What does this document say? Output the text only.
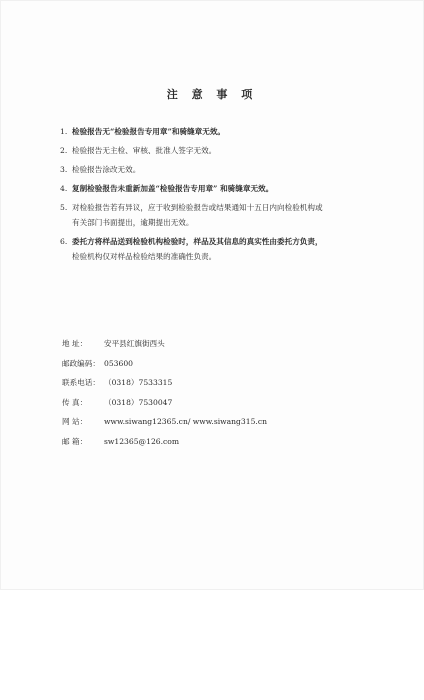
注 意 事 项
1. 检验报告无“检验报告专用章”和骑缝章无效。
2. 检验报告无主检、审核、批准人签字无效。
3. 检验报告涂改无效。
4. 复制检验报告未重新加盖“检验报告专用章” 和骑缝章无效。
5. 对检验报告若有异议，应于收到检验报告或结果通知十五日内向检验机构或
有关部门书面提出，逾期提出无效。
6. 委托方将样品送到检验机构检验时，样品及其信息的真实性由委托方负责，
检验机构仅对样品检验结果的准确性负责。
地 址：	安平县红旗街西头
邮政编码： 053600
联系电话： （0318）7533315
传 真：	（0318）7530047
网 站：	www.siwang12365.cn/ www.siwang315.cn
邮 箱：	sw12365@126.com
